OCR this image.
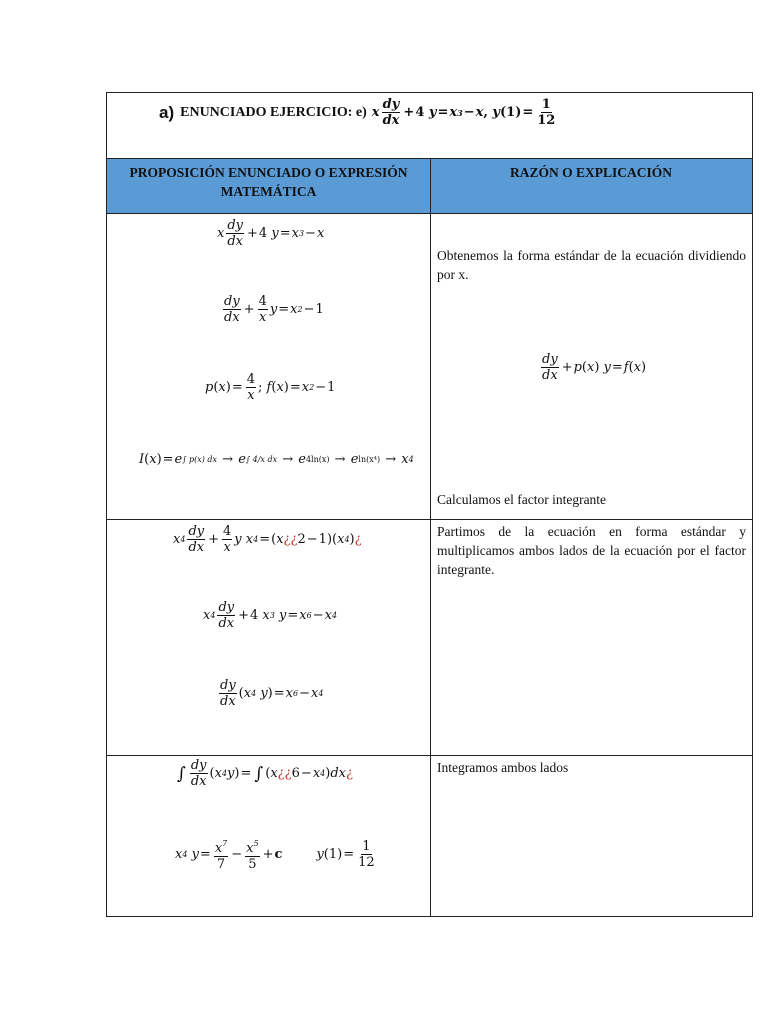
a) ENUNCIADO EJERCICIO: e) x $\frac{dy}{dx} + 4$ y = x 3 − x , y $(1) = \frac{1}{12}$
PROPOSICIÓN ENUNCIADO O EXPRESIÓN MATEMÁTICA
RAZÓN O EXPLICACIÓN
x $\frac{dy}{dx} + 4$ y = x 3 − x
$\frac{dy}{dx} + \frac{4}{x}$ y = x 2 − 1
p ( x ) = $\frac{4}{x}$ ; f ( x ) = x 2 − 1
I ( x ) = e ∫ p(x) dx → e ∫ 4/x dx → e 4ln(x) → e ln(x⁴) → x 4
Obtenemos la forma estándar de la ecuación dividiendo por x.
$\frac{dy}{dx} + p$ ( x ) y = f ( x )
Calculamos el factor integrante
x $4 \frac{dy}{dx} + \frac{4}{x}$ y x 4 = ( x ¿¿ 2 − 1)( x 4 ) ¿
x $4 \frac{dy}{dx} + 4$ x 3 y = x 6 − x 4
$\frac{dy}{dx}$ ( x 4 y ) = x 6 − x 4
Partimos de la ecuación en forma estándar y multiplicamos ambos lados de la ecuación por el factor integrante.
∫ $\frac{dy}{dx}$ ( x 4 y ) = ∫ ( x ¿¿ 6 − x 4 ) dx ¿
x 4 $y = \frac{x^7}{7} - \frac{x^5}{5} + c$	y $(1) = \frac{1}{12}$
Integramos ambos lados
